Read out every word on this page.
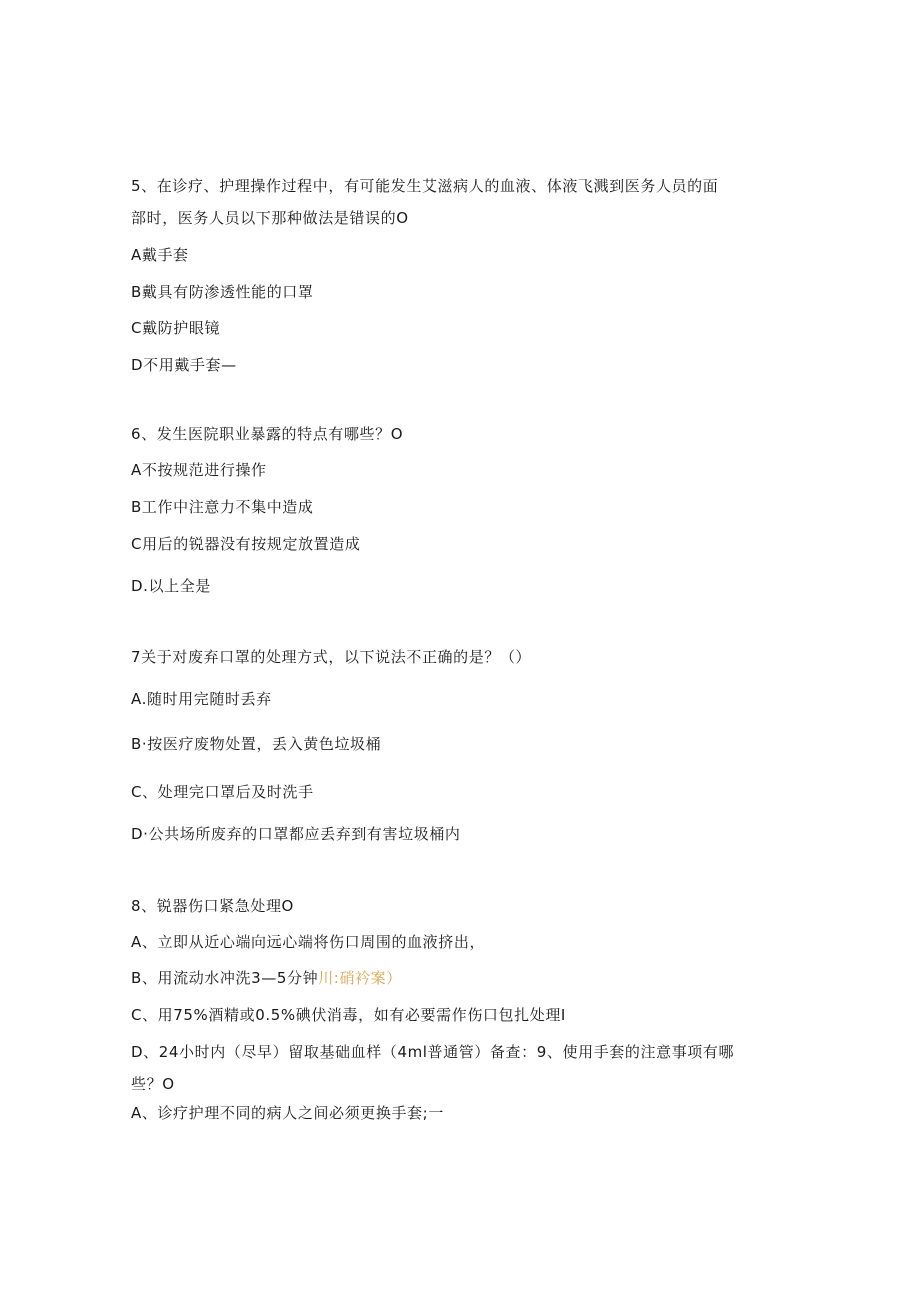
5、在诊疗、护理操作过程中，有可能发生艾滋病人的血液、体液飞溅到医务人员的面
部时，医务人员以下那种做法是错误的O
A戴手套
B戴具有防渗透性能的口罩
C戴防护眼镜
D不用戴手套—
6、发生医院职业暴露的特点有哪些？O
A不按规范进行操作
B工作中注意力不集中造成
C用后的锐器没有按规定放置造成
D.以上全是
7关于对废弃口罩的处理方式，以下说法不正确的是？（）
A.随时用完随时丢弃
B·按医疗废物处置，丢入黄色垃圾桶
C、处理完口罩后及时洗手
D·公共场所废弃的口罩都应丢弃到有害垃圾桶内
8、锐器伤口紧急处理O
A、立即从近心端向远心端将伤口周围的血液挤出，
B、用流动水冲洗3—5分钟川:硝衿案）
C、用75%酒精或0.5%碘伏消毒，如有必要需作伤口包扎处理I
D、24小时内（尽早）留取基础血样（4ml普通管）备查：9、使用手套的注意事项有哪
些？O
A、诊疗护理不同的病人之间必须更换手套;一
